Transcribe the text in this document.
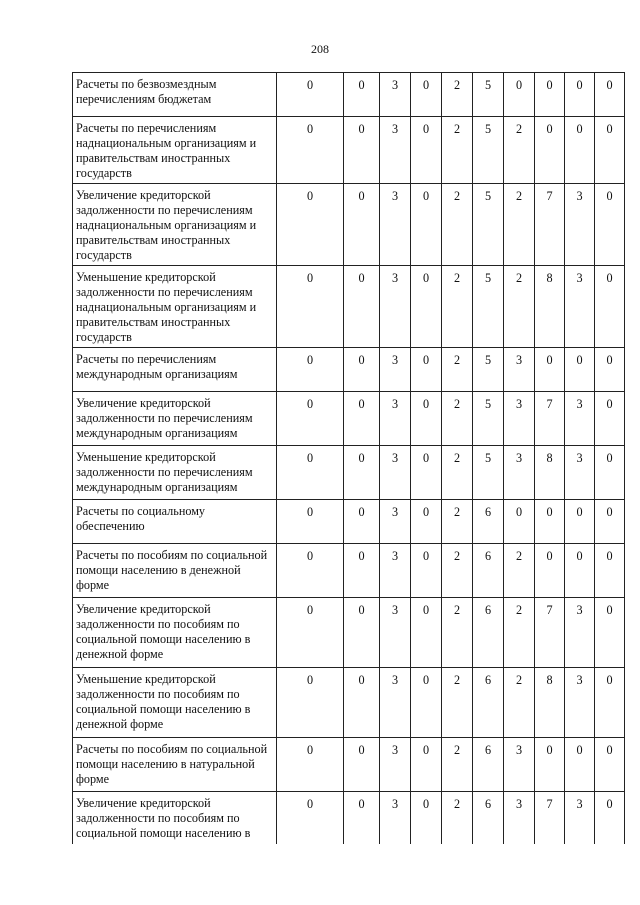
208
Расчеты по безвозмездным перечислениям бюджетам	0	0	3	0	2	5	0	0	0	0
Расчеты по перечислениям наднациональным организациям и правительствам иностранных государств	0	0	3	0	2	5	2	0	0	0
Увеличение кредиторской задолженности по перечислениям наднациональным организациям и правительствам иностранных государств	0	0	3	0	2	5	2	7	3	0
Уменьшение кредиторской задолженности по перечислениям наднациональным организациям и правительствам иностранных государств	0	0	3	0	2	5	2	8	3	0
Расчеты по перечислениям международным организациям	0	0	3	0	2	5	3	0	0	0
Увеличение кредиторской задолженности по перечислениям международным организациям	0	0	3	0	2	5	3	7	3	0
Уменьшение кредиторской задолженности по перечислениям международным организациям	0	0	3	0	2	5	3	8	3	0
Расчеты по социальному обеспечению	0	0	3	0	2	6	0	0	0	0
Расчеты по пособиям по социальной помощи населению в денежной форме	0	0	3	0	2	6	2	0	0	0
Увеличение кредиторской задолженности по пособиям по социальной помощи населению в денежной форме	0	0	3	0	2	6	2	7	3	0
Уменьшение кредиторской задолженности по пособиям по социальной помощи населению в денежной форме	0	0	3	0	2	6	2	8	3	0
Расчеты по пособиям по социальной помощи населению в натуральной форме	0	0	3	0	2	6	3	0	0	0
Увеличение кредиторской задолженности по пособиям по социальной помощи населению в	0	0	3	0	2	6	3	7	3	0
